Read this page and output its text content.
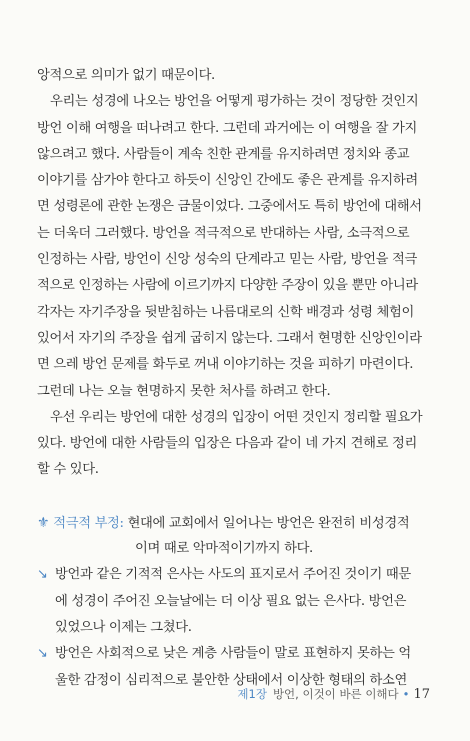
앙적으로 의미가 없기 때문이다.
우리는 성경에 나오는 방언을 어떻게 평가하는 것이 정당한 것인지
방언 이해 여행을 떠나려고 한다. 그런데 과거에는 이 여행을 잘 가지
않으려고 했다. 사람들이 계속 친한 관계를 유지하려면 정치와 종교
이야기를 삼가야 한다고 하듯이 신앙인 간에도 좋은 관계를 유지하려
면 성령론에 관한 논쟁은 금물이었다. 그중에서도 특히 방언에 대해서
는 더욱더 그러했다. 방언을 적극적으로 반대하는 사람, 소극적으로
인정하는 사람, 방언이 신앙 성숙의 단계라고 믿는 사람, 방언을 적극
적으로 인정하는 사람에 이르기까지 다양한 주장이 있을 뿐만 아니라
각자는 자기주장을 뒷받침하는 나름대로의 신학 배경과 성령 체험이
있어서 자기의 주장을 쉽게 굽히지 않는다. 그래서 현명한 신앙인이라
면 으레 방언 문제를 화두로 꺼내 이야기하는 것을 피하기 마련이다.
그런데 나는 오늘 현명하지 못한 처사를 하려고 한다.
우선 우리는 방언에 대한 성경의 입장이 어떤 것인지 정리할 필요가
있다. 방언에 대한 사람들의 입장은 다음과 같이 네 가지 견해로 정리
할 수 있다.
⚜ 적극적 부정: 현대에 교회에서 일어나는 방언은 완전히 비성경적
이며 때로 악마적이기까지 하다.
↘ 방언과 같은 기적적 은사는 사도의 표지로서 주어진 것이기 때문
에 성경이 주어진 오늘날에는 더 이상 필요 없는 은사다. 방언은
있었으나 이제는 그쳤다.
↘ 방언은 사회적으로 낮은 계층 사람들이 말로 표현하지 못하는 억
울한 감정이 심리적으로 불안한 상태에서 이상한 형태의 하소연
제1장 방언, 이것이 바른 이해다 • 17
